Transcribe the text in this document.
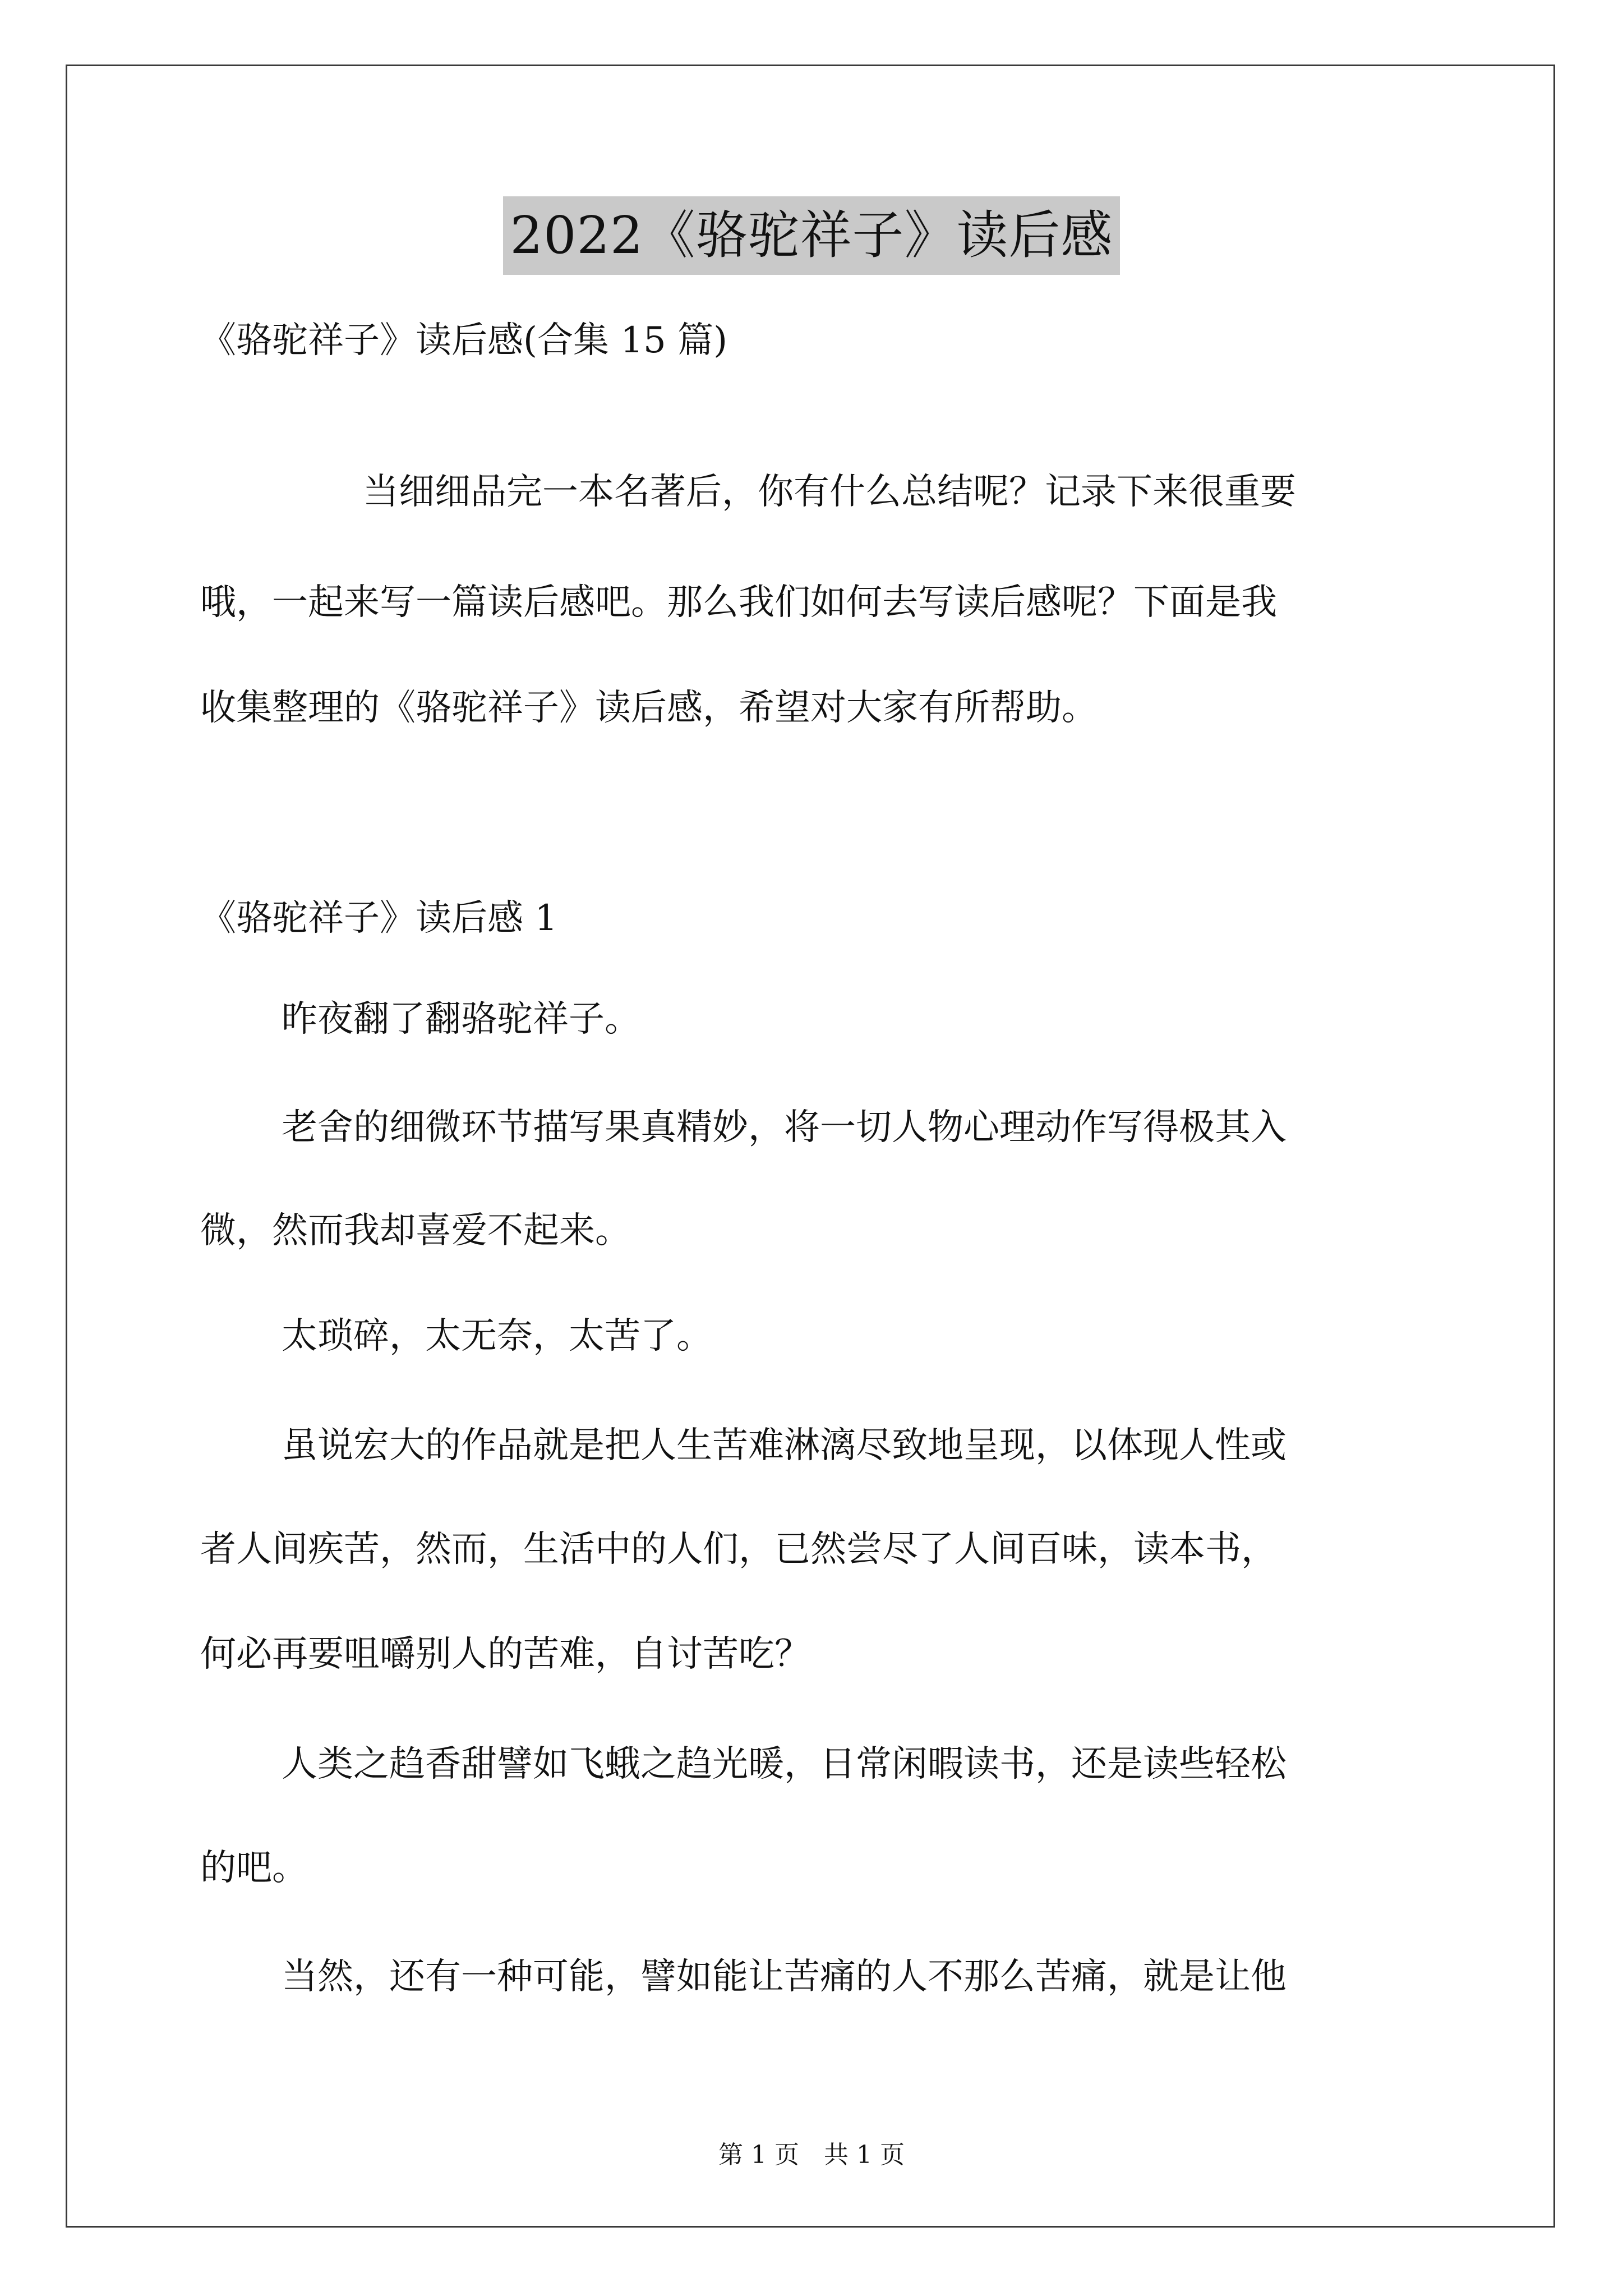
2022《骆驼祥子》读后感
《骆驼祥子》读后感(合集 15 篇)
当细细品完一本名著后，你有什么总结呢？记录下来很重要
哦，一起来写一篇读后感吧。那么我们如何去写读后感呢？下面是我
收集整理的《骆驼祥子》读后感，希望对大家有所帮助。
《骆驼祥子》读后感 1
昨夜翻了翻骆驼祥子。
老舍的细微环节描写果真精妙，将一切人物心理动作写得极其入
微，然而我却喜爱不起来。
太琐碎，太无奈，太苦了。
虽说宏大的作品就是把人生苦难淋漓尽致地呈现，以体现人性或
者人间疾苦，然而，生活中的人们，已然尝尽了人间百味，读本书，
何必再要咀嚼别人的苦难，自讨苦吃？
人类之趋香甜譬如飞蛾之趋光暖，日常闲暇读书，还是读些轻松
的吧。
当然，还有一种可能，譬如能让苦痛的人不那么苦痛，就是让他
第 1 页　共 1 页
